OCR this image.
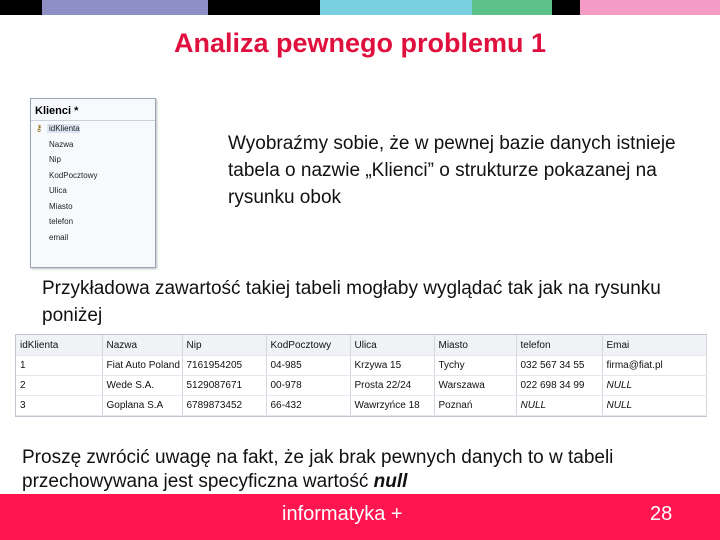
Analiza pewnego problemu 1
Klienci *
⚷ idKlienta
Nazwa
Nip
KodPocztowy
Ulica
Miasto
telefon
email
Wyobraźmy sobie, że w pewnej bazie danych istnieje tabela o nazwie „Klienci” o strukturze pokazanej na rysunku obok
Przykładowa zawartość takiej tabeli mogłaby wyglądać tak jak na rysunku poniżej
idKlienta	Nazwa	Nip	KodPocztowy	Ulica	Miasto	telefon	Emai
1	Fiat Auto Poland	7161954205	04-985	Krzywa 15	Tychy	032 567 34 55	firma@fiat.pl
2	Wede S.A.	5129087671	00-978	Prosta 22/24	Warszawa	022 698 34 99	NULL
3	Goplana S.A	6789873452	66-432	Wawrzyńce 18	Poznań	NULL	NULL
Proszę zwrócić uwagę na fakt, że jak brak pewnych danych to w tabeli przechowywana jest specyficzna wartość null
informatyka +	28
